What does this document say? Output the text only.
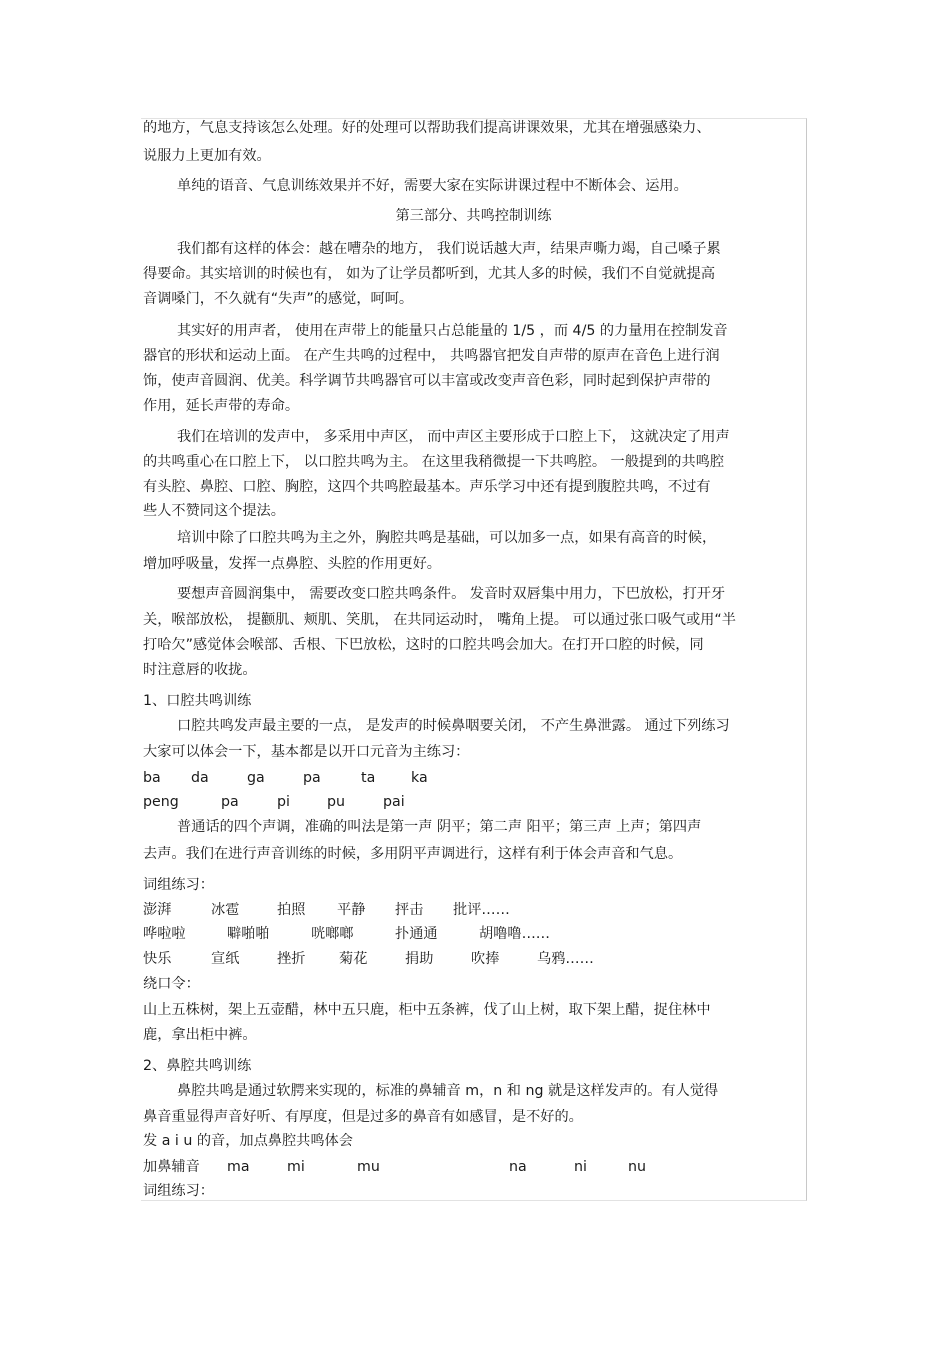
的地方，气息支持该怎么处理。好的处理可以帮助我们提高讲课效果，尤其在增强感染力、
说服力上更加有效。
单纯的语音、气息训练效果并不好，需要大家在实际讲课过程中不断体会、运用。
第三部分、共鸣控制训练
我们都有这样的体会：越在嘈杂的地方， 我们说话越大声，结果声嘶力竭，自己嗓子累
得要命。其实培训的时候也有， 如为了让学员都听到，尤其人多的时候，我们不自觉就提高
音调嗓门，不久就有“失声”的感觉，呵呵。
其实好的用声者， 使用在声带上的能量只占总能量的 1/5 ，而 4/5 的力量用在控制发音
器官的形状和运动上面。 在产生共鸣的过程中， 共鸣器官把发自声带的原声在音色上进行润
饰，使声音圆润、优美。科学调节共鸣器官可以丰富或改变声音色彩，同时起到保护声带的
作用，延长声带的寿命。
我们在培训的发声中， 多采用中声区， 而中声区主要形成于口腔上下， 这就决定了用声
的共鸣重心在口腔上下， 以口腔共鸣为主。 在这里我稍微提一下共鸣腔。 一般提到的共鸣腔
有头腔、鼻腔、口腔、胸腔，这四个共鸣腔最基本。声乐学习中还有提到腹腔共鸣，不过有
些人不赞同这个提法。
培训中除了口腔共鸣为主之外，胸腔共鸣是基础，可以加多一点，如果有高音的时候，
增加呼吸量，发挥一点鼻腔、头腔的作用更好。
要想声音圆润集中， 需要改变口腔共鸣条件。 发音时双唇集中用力，下巴放松，打开牙
关，喉部放松， 提颧肌、颊肌、笑肌， 在共同运动时， 嘴角上提。 可以通过张口吸气或用“半
打哈欠”感觉体会喉部、舌根、下巴放松，这时的口腔共鸣会加大。在打开口腔的时候，同
时注意唇的收拢。
1、口腔共鸣训练
口腔共鸣发声最主要的一点， 是发声的时候鼻咽要关闭， 不产生鼻泄露。 通过下列练习
大家可以体会一下，基本都是以开口元音为主练习：
ba da	ga	pa	ta	ka
peng	pa	pi	pu	pai
普通话的四个声调，准确的叫法是第一声 阴平；第二声 阳平；第三声 上声；第四声
去声。我们在进行声音训练的时候，多用阴平声调进行，这样有利于体会声音和气息。
词组练习：
澎湃	冰雹	拍照 平静 抨击 批评……
哗啦啦	噼啪啪	咣啷啷	扑通通	胡噜噜……
快乐	宣纸	挫折 菊花	捐助	吹捧	乌鸦……
绕口令：
山上五株树，架上五壶醋，林中五只鹿，柜中五条裤，伐了山上树，取下架上醋，捉住林中
鹿，拿出柜中裤。
2、鼻腔共鸣训练
鼻腔共鸣是通过软腭来实现的，标准的鼻辅音 m，n 和 ng 就是这样发声的。有人觉得
鼻音重显得声音好听、有厚度，但是过多的鼻音有如感冒，是不好的。
发 a i u 的音，加点鼻腔共鸣体会
加鼻辅音 ma	mi	mu	na	ni	nu
词组练习：
